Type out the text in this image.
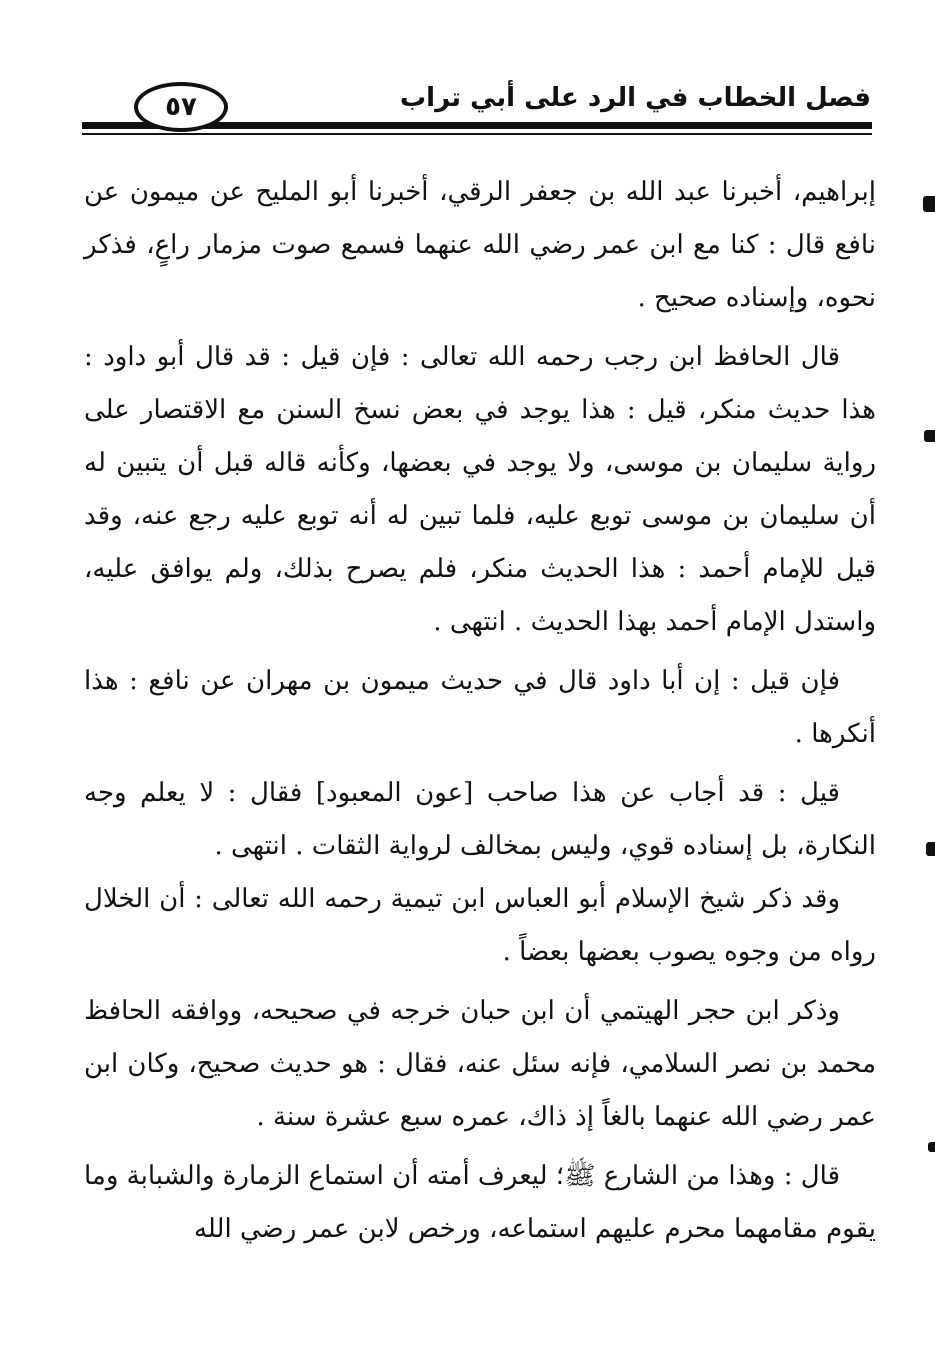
فصل الخطاب في الرد على أبي تراب
٥٧

إبراهيم، أخبرنا عبد الله بن جعفر الرقي، أخبرنا أبو المليح عن ميمون عن نافع قال : كنا مع ابن عمر رضي الله عنهما فسمع صوت مزمار راعٍ، فذكر نحوه، وإسناده صحيح .

قال الحافظ ابن رجب رحمه الله تعالى : فإن قيل : قد قال أبو داود : هذا حديث منكر، قيل : هذا يوجد في بعض نسخ السنن مع الاقتصار على رواية سليمان بن موسى، ولا يوجد في بعضها، وكأنه قاله قبل أن يتبين له أن سليمان بن موسى توبع عليه، فلما تبين له أنه توبع عليه رجع عنه، وقد قيل للإمام أحمد : هذا الحديث منكر، فلم يصرح بذلك، ولم يوافق عليه، واستدل الإمام أحمد بهذا الحديث . انتهى .

فإن قيل : إن أبا داود قال في حديث ميمون بن مهران عن نافع : هذا أنكرها .

قيل : قد أجاب عن هذا صاحب [عون المعبود] فقال : لا يعلم وجه النكارة، بل إسناده قوي، وليس بمخالف لرواية الثقات . انتهى .

وقد ذكر شيخ الإسلام أبو العباس ابن تيمية رحمه الله تعالى : أن الخلال رواه من وجوه يصوب بعضها بعضاً .

وذكر ابن حجر الهيتمي أن ابن حبان خرجه في صحيحه، ووافقه الحافظ محمد بن نصر السلامي، فإنه سئل عنه، فقال : هو حديث صحيح، وكان ابن عمر رضي الله عنهما بالغاً إذ ذاك، عمره سبع عشرة سنة .

قال : وهذا من الشارع ﷺ؛ ليعرف أمته أن استماع الزمارة والشبابة وما يقوم مقامهما محرم عليهم استماعه، ورخص لابن عمر رضي الله
